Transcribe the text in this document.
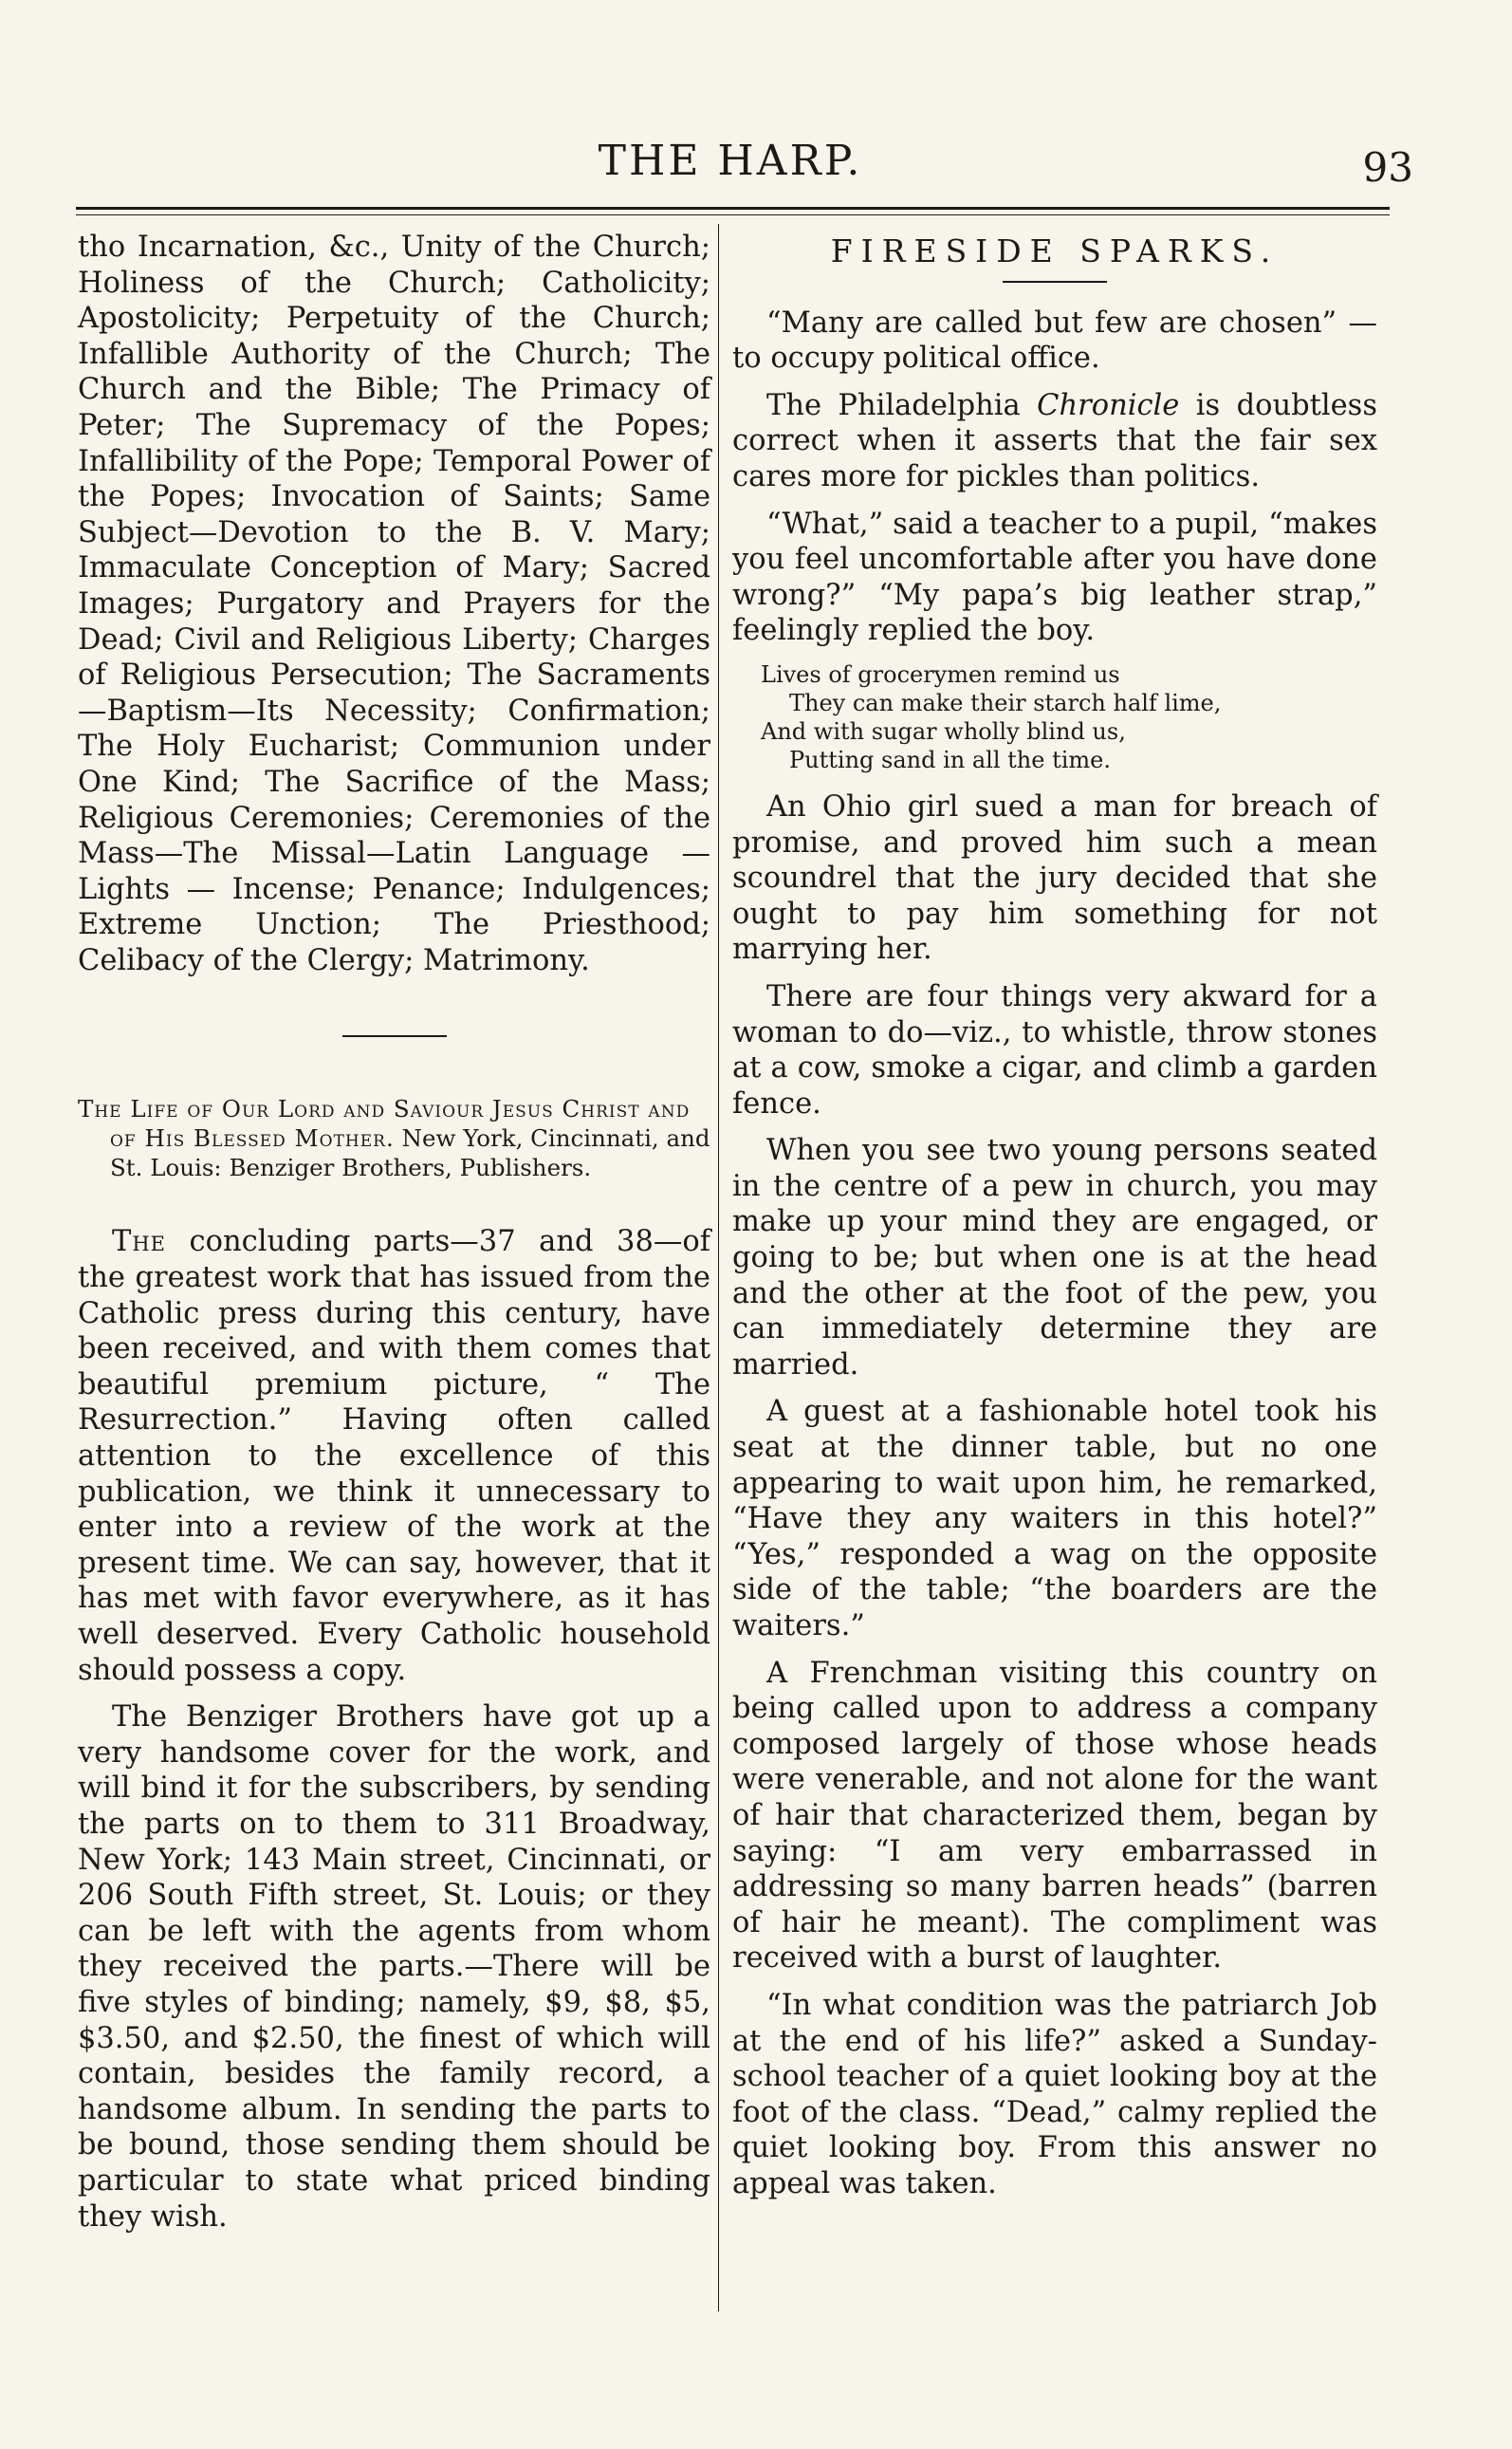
THE HARP.	93

tho Incarnation, &c., Unity of the Church; Holiness of the Church; Catholicity; Apostolicity; Perpetuity of the Church; Infallible Authority of the Church; The Church and the Bible; The Primacy of Peter; The Supremacy of the Popes; Infallibility of the Pope; Temporal Power of the Popes; Invocation of Saints; Same Subject—Devotion to the B. V. Mary; Immaculate Conception of Mary; Sacred Images; Purgatory and Prayers for the Dead; Civil and Religious Liberty; Charges of Religious Persecution; The Sacraments—Baptism—Its Necessity; Confirmation; The Holy Eucharist; Communion under One Kind; The Sacrifice of the Mass; Religious Ceremonies; Ceremonies of the Mass—The Missal—Latin Language — Lights — Incense; Penance; Indulgences; Extreme Unction; The Priesthood; Celibacy of the Clergy; Matrimony.

The Life of Our Lord and Saviour Jesus Christ and of His Blessed Mother. New York, Cincinnati, and St. Louis: Benziger Brothers, Publishers.

The concluding parts—37 and 38—of the greatest work that has issued from the Catholic press during this century, have been received, and with them comes that beautiful premium picture, “ The Resurrection.” Having often called attention to the excellence of this publication, we think it unnecessary to enter into a review of the work at the present time. We can say, however, that it has met with favor everywhere, as it has well deserved. Every Catholic household should possess a copy.

The Benziger Brothers have got up a very handsome cover for the work, and will bind it for the subscribers, by sending the parts on to them to 311 Broadway, New York; 143 Main street, Cincinnati, or 206 South Fifth street, St. Louis; or they can be left with the agents from whom they received the parts.—There will be five styles of binding; namely, $9, $8, $5, $3.50, and $2.50, the finest of which will contain, besides the family record, a handsome album. In sending the parts to be bound, those sending them should be particular to state what priced binding they wish.

FIRESIDE SPARKS.

“Many are called but few are chosen” —to occupy political office.

The Philadelphia Chronicle is doubtless correct when it asserts that the fair sex cares more for pickles than politics.

“What,” said a teacher to a pupil, “makes you feel uncomfortable after you have done wrong?” “My papa’s big leather strap,” feelingly replied the boy.

Lives of grocerymen remind us
They can make their starch half lime,
And with sugar wholly blind us,
Putting sand in all the time.

An Ohio girl sued a man for breach of promise, and proved him such a mean scoundrel that the jury decided that she ought to pay him something for not marrying her.

There are four things very akward for a woman to do—viz., to whistle, throw stones at a cow, smoke a cigar, and climb a garden fence.

When you see two young persons seated in the centre of a pew in church, you may make up your mind they are engaged, or going to be; but when one is at the head and the other at the foot of the pew, you can immediately determine they are married.

A guest at a fashionable hotel took his seat at the dinner table, but no one appearing to wait upon him, he remarked, “Have they any waiters in this hotel?” “Yes,” responded a wag on the opposite side of the table; “the boarders are the waiters.”

A Frenchman visiting this country on being called upon to address a company composed largely of those whose heads were venerable, and not alone for the want of hair that characterized them, began by saying: “I am very embarrassed in addressing so many barren heads” (barren of hair he meant). The compliment was received with a burst of laughter.

“In what condition was the patriarch Job at the end of his life?” asked a Sunday-school teacher of a quiet looking boy at the foot of the class. “Dead,” calmy replied the quiet looking boy. From this answer no appeal was taken.
